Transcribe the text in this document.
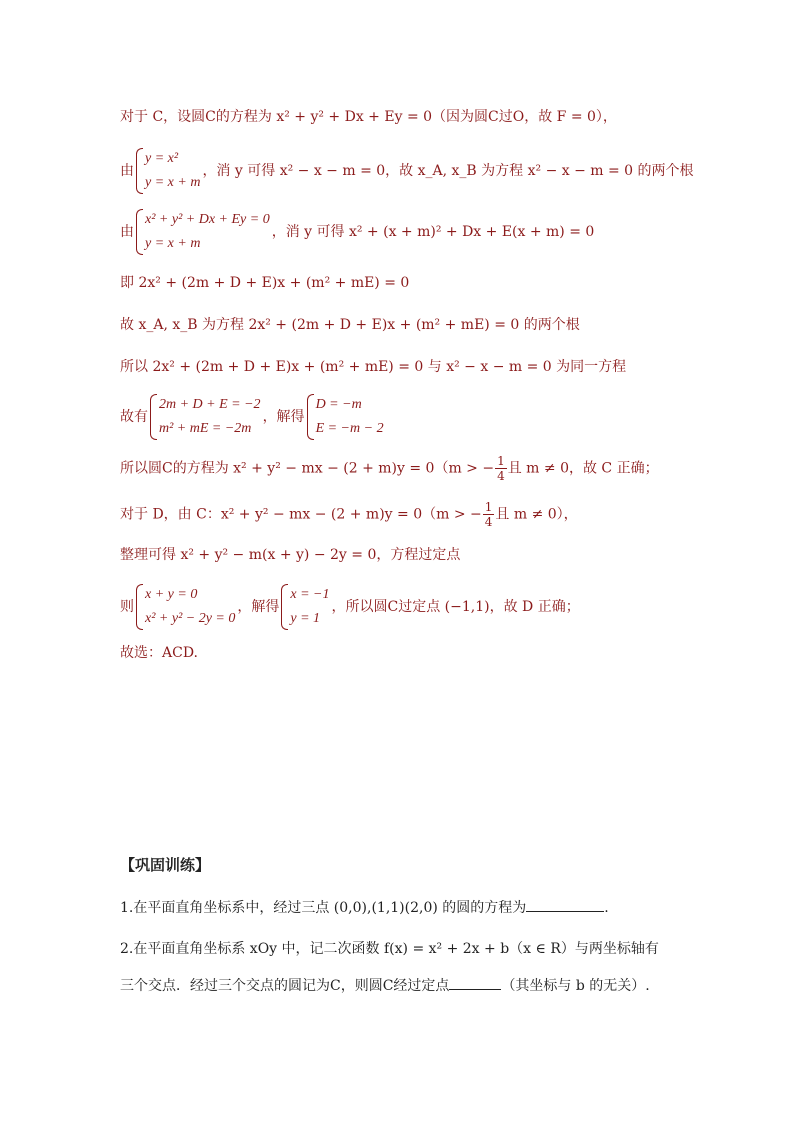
对于 C，设圆C的方程为 x² + y² + Dx + Ey = 0（因为圆C过O，故 F = 0），
由
y = x²
y = x + m
，消 y 可得 x² − x − m = 0，故 x_A, x_B 为方程 x² − x − m = 0 的两个根
由
x² + y² + Dx + Ey = 0
y = x + m
，消 y 可得 x² + (x + m)² + Dx + E(x + m) = 0
即 2x² + (2m + D + E)x + (m² + mE) = 0
故 x_A, x_B 为方程 2x² + (2m + D + E)x + (m² + mE) = 0 的两个根
所以 2x² + (2m + D + E)x + (m² + mE) = 0 与 x² − x − m = 0 为同一方程
故有
2m + D + E = −2
m² + mE = −2m
，解得
D = −m
E = −m − 2
所以圆C的方程为 x² + y² − mx − (2 + m)y = 0（m > − $\frac{1}{4}$ 且 m ≠ 0，故 C 正确；
对于 D，由 C：x² + y² − mx − (2 + m)y = 0（m > − $\frac{1}{4}$ 且 m ≠ 0），
整理可得 x² + y² − m(x + y) − 2y = 0，方程过定点
则
x + y = 0
x² + y² − 2y = 0
，解得
x = −1
y = 1
，所以圆C过定点 (−1,1)，故 D 正确；
故选：ACD.
【巩固训练】
1.在平面直角坐标系中，经过三点 (0,0),(1,1)(2,0) 的圆的方程为	.
2.在平面直角坐标系 xOy 中，记二次函数 f(x) = x² + 2x + b（x ∈ R）与两坐标轴有
三个交点．经过三个交点的圆记为C，则圆C经过定点	（其坐标与 b 的无关）.
